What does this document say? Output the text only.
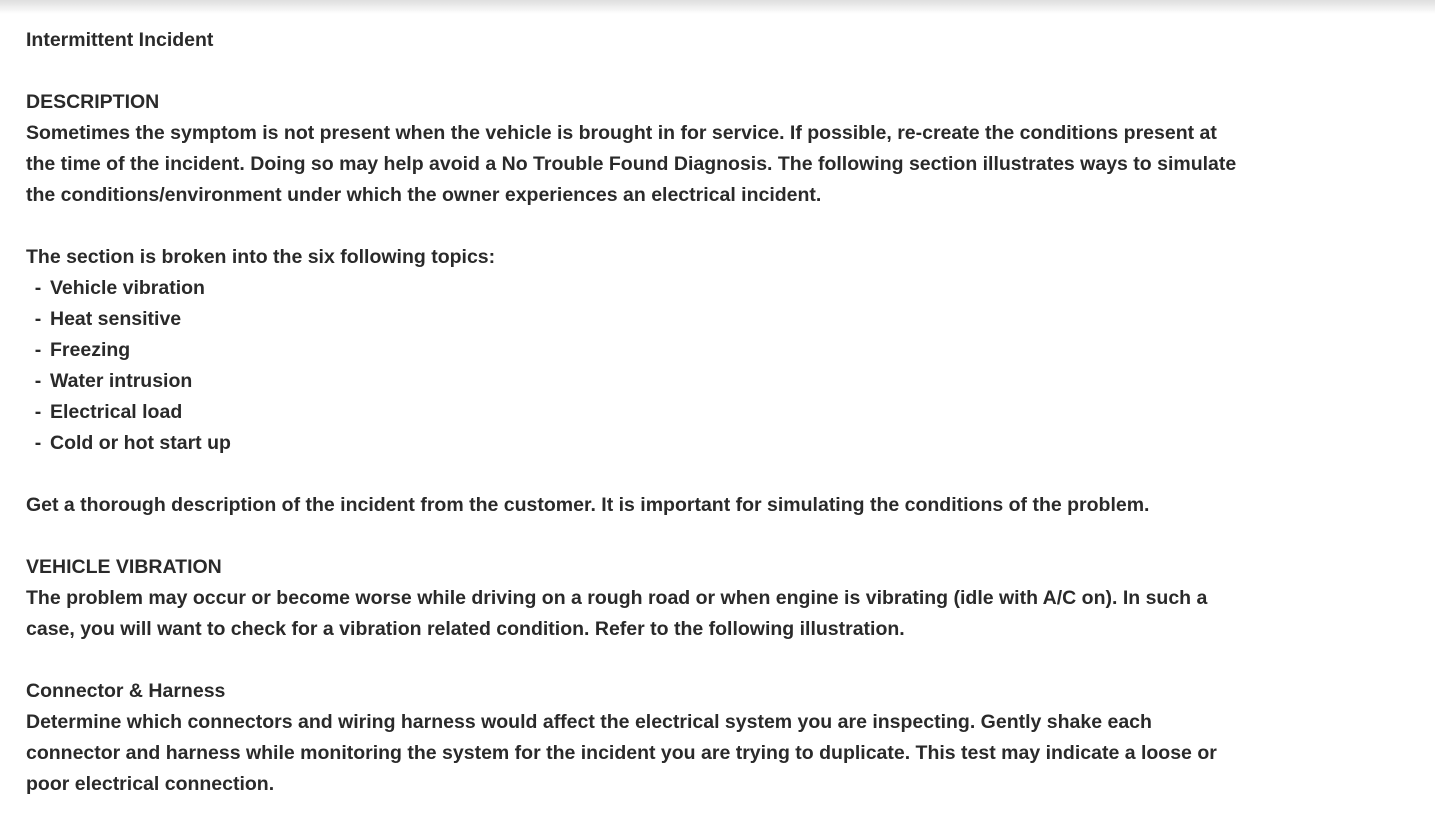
Intermittent Incident
DESCRIPTION
Sometimes the symptom is not present when the vehicle is brought in for service. If possible, re-create the conditions present at the time of the incident. Doing so may help avoid a No Trouble Found Diagnosis. The following section illustrates ways to simulate the conditions/environment under which the owner experiences an electrical incident.
The section is broken into the six following topics:
- Vehicle vibration
- Heat sensitive
- Freezing
- Water intrusion
- Electrical load
- Cold or hot start up
Get a thorough description of the incident from the customer. It is important for simulating the conditions of the problem.
VEHICLE VIBRATION
The problem may occur or become worse while driving on a rough road or when engine is vibrating (idle with A/C on). In such a case, you will want to check for a vibration related condition. Refer to the following illustration.
Connector & Harness
Determine which connectors and wiring harness would affect the electrical system you are inspecting. Gently shake each connector and harness while monitoring the system for the incident you are trying to duplicate. This test may indicate a loose or poor electrical connection.
